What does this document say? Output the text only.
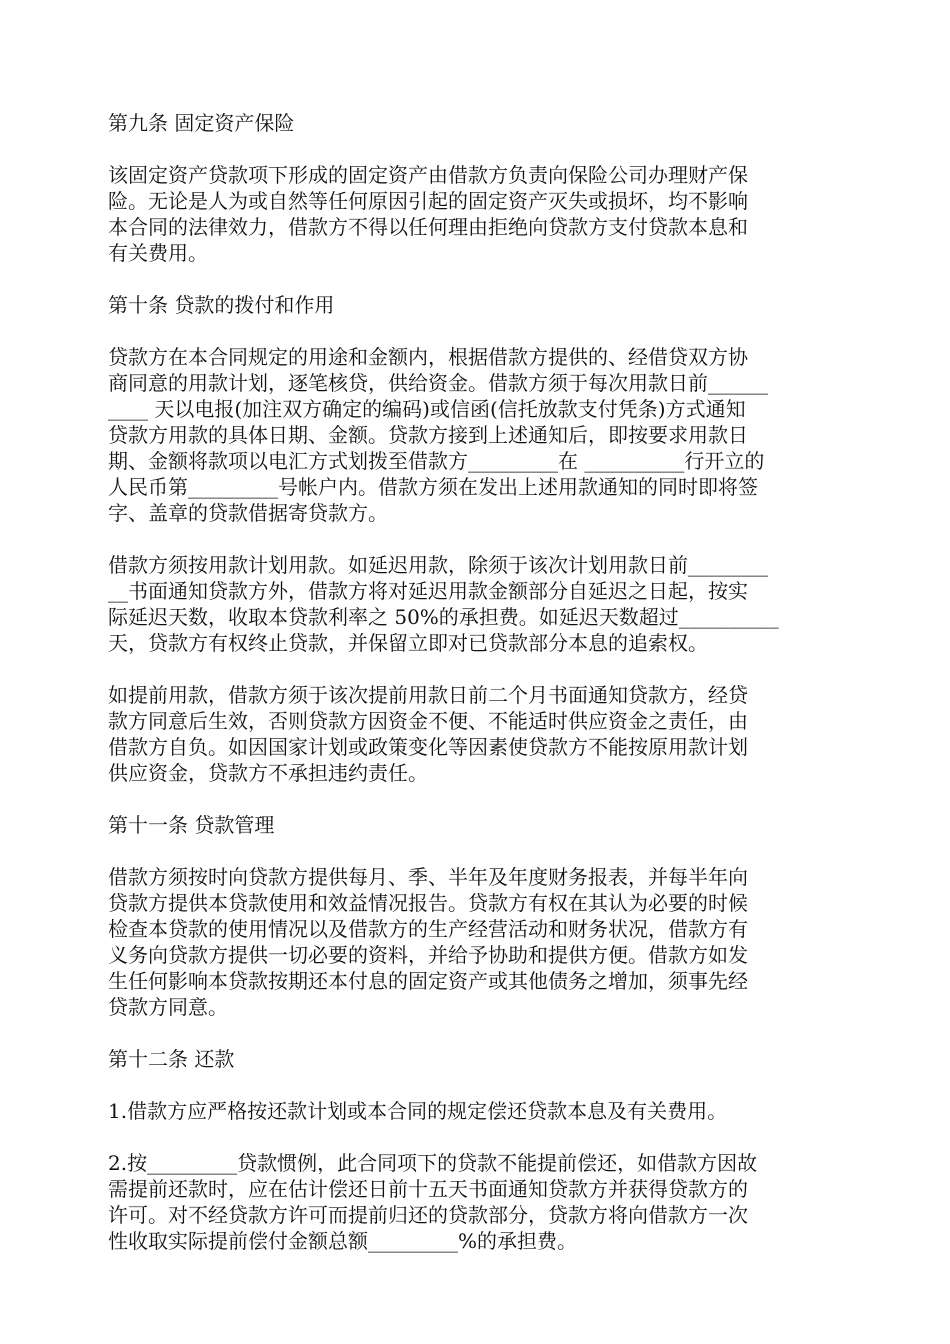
第九条 固定资产保险
该固定资产贷款项下形成的固定资产由借款方负责向保险公司办理财产保
险。无论是人为或自然等任何原因引起的固定资产灭失或损坏，均不影响
本合同的法律效力，借款方不得以任何理由拒绝向贷款方支付贷款本息和
有关费用。
第十条 贷款的拨付和作用
贷款方在本合同规定的用途和金额内，根据借款方提供的、经借贷双方协
商同意的用款计划，逐笔核贷，供给资金。借款方须于每次用款日前______
____ 天以电报(加注双方确定的编码)或信函(信托放款支付凭条)方式通知
贷款方用款的具体日期、金额。贷款方接到上述通知后，即按要求用款日
期、金额将款项以电汇方式划拨至借款方_________在 __________行开立的
人民币第_________号帐户内。借款方须在发出上述用款通知的同时即将签
字、盖章的贷款借据寄贷款方。
借款方须按用款计划用款。如延迟用款，除须于该次计划用款日前________
__书面通知贷款方外，借款方将对延迟用款金额部分自延迟之日起，按实
际延迟天数，收取本贷款利率之 50%的承担费。如延迟天数超过__________
天，贷款方有权终止贷款，并保留立即对已贷款部分本息的追索权。
如提前用款，借款方须于该次提前用款日前二个月书面通知贷款方，经贷
款方同意后生效，否则贷款方因资金不便、不能适时供应资金之责任，由
借款方自负。如因国家计划或政策变化等因素使贷款方不能按原用款计划
供应资金，贷款方不承担违约责任。
第十一条 贷款管理
借款方须按时向贷款方提供每月、季、半年及年度财务报表，并每半年向
贷款方提供本贷款使用和效益情况报告。贷款方有权在其认为必要的时候
检查本贷款的使用情况以及借款方的生产经营活动和财务状况，借款方有
义务向贷款方提供一切必要的资料，并给予协助和提供方便。借款方如发
生任何影响本贷款按期还本付息的固定资产或其他债务之增加，须事先经
贷款方同意。
第十二条 还款
1.借款方应严格按还款计划或本合同的规定偿还贷款本息及有关费用。
2.按_________贷款惯例，此合同项下的贷款不能提前偿还，如借款方因故
需提前还款时，应在估计偿还日前十五天书面通知贷款方并获得贷款方的
许可。对不经贷款方许可而提前归还的贷款部分，贷款方将向借款方一次
性收取实际提前偿付金额总额_________%的承担费。
